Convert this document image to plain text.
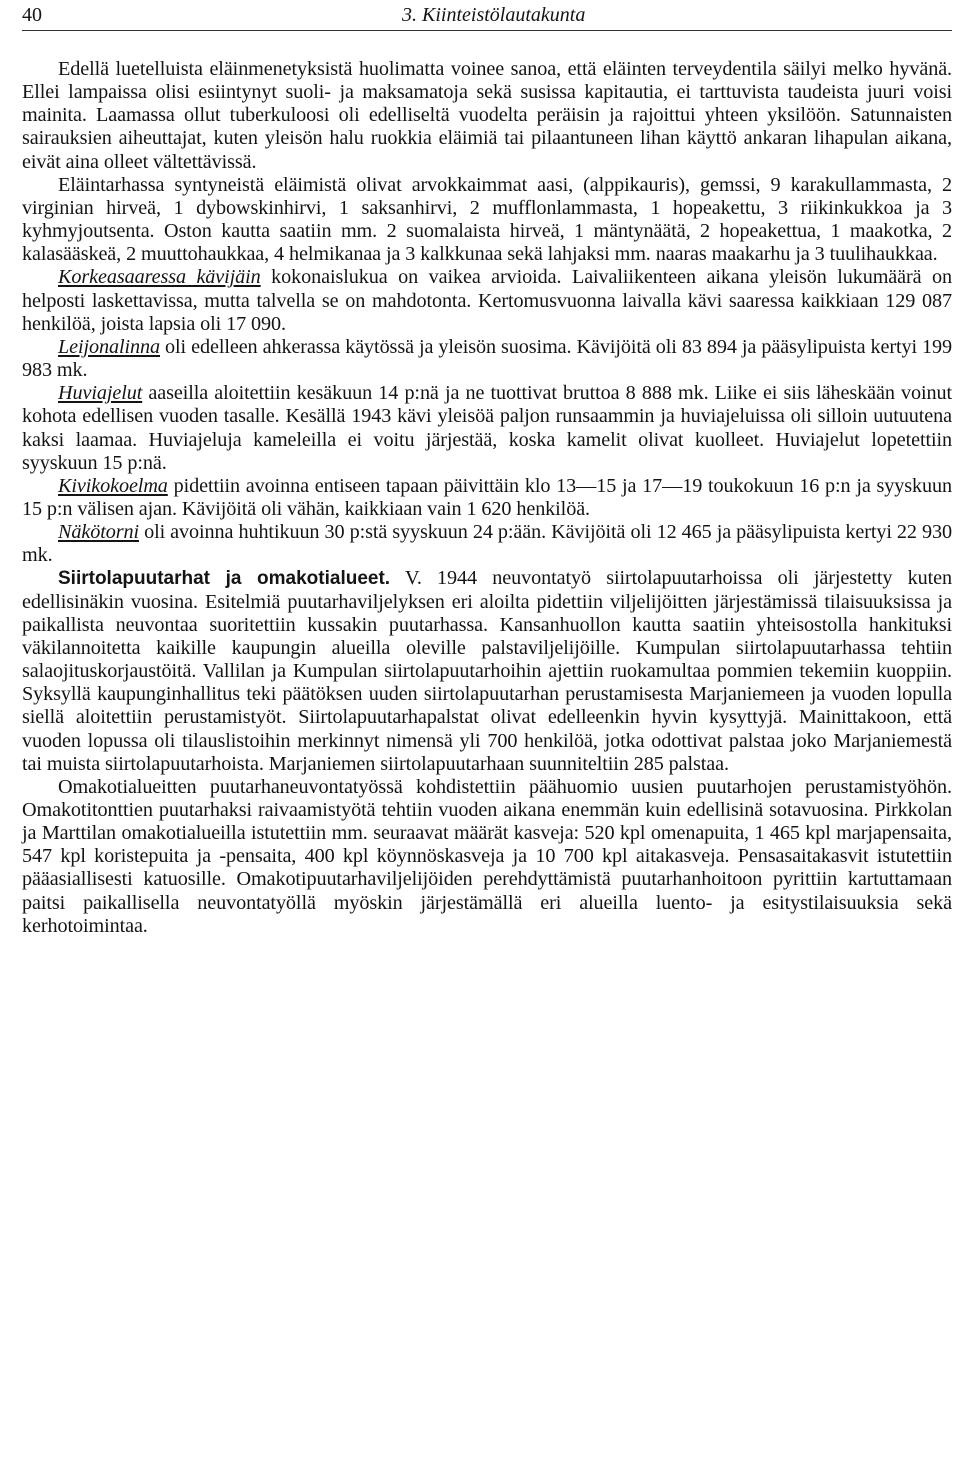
40	3. Kiinteistölautakunta

Edellä luetelluista eläinmenetyksistä huolimatta voinee sanoa, että eläinten terveydentila säilyi melko hyvänä. Ellei lampaissa olisi esiintynyt suoli- ja maksamatoja sekä susissa kapitautia, ei tarttuvista taudeista juuri voisi mainita. Laamassa ollut tuberkuloosi oli edelliseltä vuodelta peräisin ja rajoittui yhteen yksilöön. Satunnaisten sairauksien aiheuttajat, kuten yleisön halu ruokkia eläimiä tai pilaantuneen lihan käyttö ankaran lihapulan aikana, eivät aina olleet vältettävissä.

Eläintarhassa syntyneistä eläimistä olivat arvokkaimmat aasi, (alppikauris), gemssi, 9 karakullammasta, 2 virginian hirveä, 1 dybowskinhirvi, 1 saksanhirvi, 2 mufflonlammasta, 1 hopeakettu, 3 riikinkukkoa ja 3 kyhmyjoutsenta. Oston kautta saatiin mm. 2 suomalaista hirveä, 1 mäntynäätä, 2 hopeakettua, 1 maakotka, 2 kalasääskeä, 2 muuttohaukkaa, 4 helmikanaa ja 3 kalkkunaa sekä lahjaksi mm. naaras maakarhu ja 3 tuulihaukkaa.

Korkeasaaressa kävijäin kokonaislukua on vaikea arvioida. Laivaliikenteen aikana yleisön lukumäärä on helposti laskettavissa, mutta talvella se on mahdotonta. Kertomusvuonna laivalla kävi saaressa kaikkiaan 129 087 henkilöä, joista lapsia oli 17 090.

Leijonalinna oli edelleen ahkerassa käytössä ja yleisön suosima. Kävijöitä oli 83 894 ja pääsylipuista kertyi 199 983 mk.

Huviajelut aaseilla aloitettiin kesäkuun 14 p:nä ja ne tuottivat bruttoa 8 888 mk. Liike ei siis läheskään voinut kohota edellisen vuoden tasalle. Kesällä 1943 kävi yleisöä paljon runsaammin ja huviajeluissa oli silloin uutuutena kaksi laamaa. Huviajeluja kameleilla ei voitu järjestää, koska kamelit olivat kuolleet. Huviajelut lopetettiin syyskuun 15 p:nä.

Kivikokoelma pidettiin avoinna entiseen tapaan päivittäin klo 13—15 ja 17—19 toukokuun 16 p:n ja syyskuun 15 p:n välisen ajan. Kävijöitä oli vähän, kaikkiaan vain 1 620 henkilöä.

Näkötorni oli avoinna huhtikuun 30 p:stä syyskuun 24 p:ään. Kävijöitä oli 12 465 ja pääsylipuista kertyi 22 930 mk.

Siirtolapuutarhat ja omakotialueet. V. 1944 neuvontatyö siirtolapuutarhoissa oli järjestetty kuten edellisinäkin vuosina. Esitelmiä puutarhaviljelyksen eri aloilta pidettiin viljelijöitten järjestämissä tilaisuuksissa ja paikallista neuvontaa suoritettiin kussakin puutarhassa. Kansanhuollon kautta saatiin yhteisostolla hankituksi väkilannoitetta kaikille kaupungin alueilla oleville palstaviljelijöille. Kumpulan siirtolapuutarhassa tehtiin salaojituskorjaustöitä. Vallilan ja Kumpulan siirtolapuutarhoihin ajettiin ruokamultaa pommien tekemiin kuoppiin. Syksyllä kaupunginhallitus teki päätöksen uuden siirtolapuutarhan perustamisesta Marjaniemeen ja vuoden lopulla siellä aloitettiin perustamistyöt. Siirtolapuutarhapalstat olivat edelleenkin hyvin kysyttyjä. Mainittakoon, että vuoden lopussa oli tilauslistoihin merkinnyt nimensä yli 700 henkilöä, jotka odottivat palstaa joko Marjaniemestä tai muista siirtolapuutarhoista. Marjaniemen siirtolapuutarhaan suunniteltiin 285 palstaa.

Omakotialueitten puutarhaneuvontatyössä kohdistettiin päähuomio uusien puutarhojen perustamistyöhön. Omakotitonttien puutarhaksi raivaamistyötä tehtiin vuoden aikana enemmän kuin edellisinä sotavuosina. Pirkkolan ja Marttilan omakotialueilla istutettiin mm. seuraavat määrät kasveja: 520 kpl omenapuita, 1 465 kpl marjapensaita, 547 kpl koristepuita ja -pensaita, 400 kpl köynnöskasveja ja 10 700 kpl aitakasveja. Pensasaitakasvit istutettiin pääasiallisesti katuosille. Omakotipuutarhaviljelijöiden perehdyttämistä puutarhanhoitoon pyrittiin kartuttamaan paitsi paikallisella neuvontatyöllä myöskin järjestämällä eri alueilla luento- ja esitystilaisuuksia sekä kerhotoimintaa.
